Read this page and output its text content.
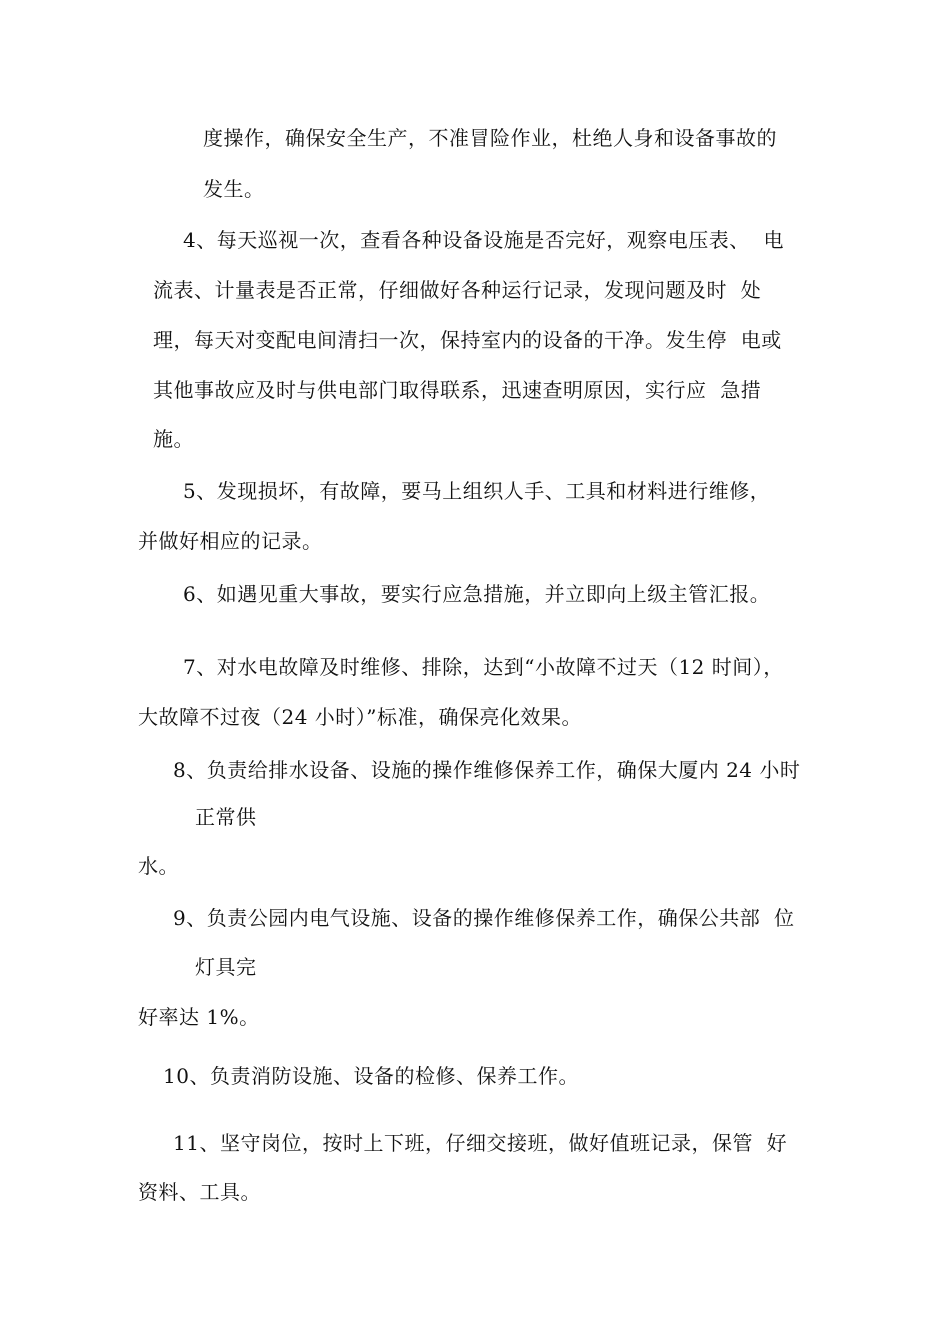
度操作，确保安全生产，不准冒险作业，杜绝人身和设备事故的
发生。
4、每天巡视一次，查看各种设备设施是否完好，观察电压表、  电
流表、计量表是否正常，仔细做好各种运行记录，发现问题及时  处
理，每天对变配电间清扫一次，保持室内的设备的干净。发生停  电或
其他事故应及时与供电部门取得联系，迅速查明原因，实行应  急措
施。
5、发现损坏，有故障，要马上组织人手、工具和材料进行维修，
并做好相应的记录。
6、如遇见重大事故，要实行应急措施，并立即向上级主管汇报。
7、对水电故障及时维修、排除，达到“小故障不过天（12 时间），
大故障不过夜（24 小时）”标准，确保亮化效果。
8、负责给排水设备、设施的操作维修保养工作，确保大厦内 24 小时
正常供
水。
9、负责公园内电气设施、设备的操作维修保养工作，确保公共部  位
灯具完
好率达 1%。
10、负责消防设施、设备的检修、保养工作。
11、坚守岗位，按时上下班，仔细交接班，做好值班记录，保管  好
资料、工具。
